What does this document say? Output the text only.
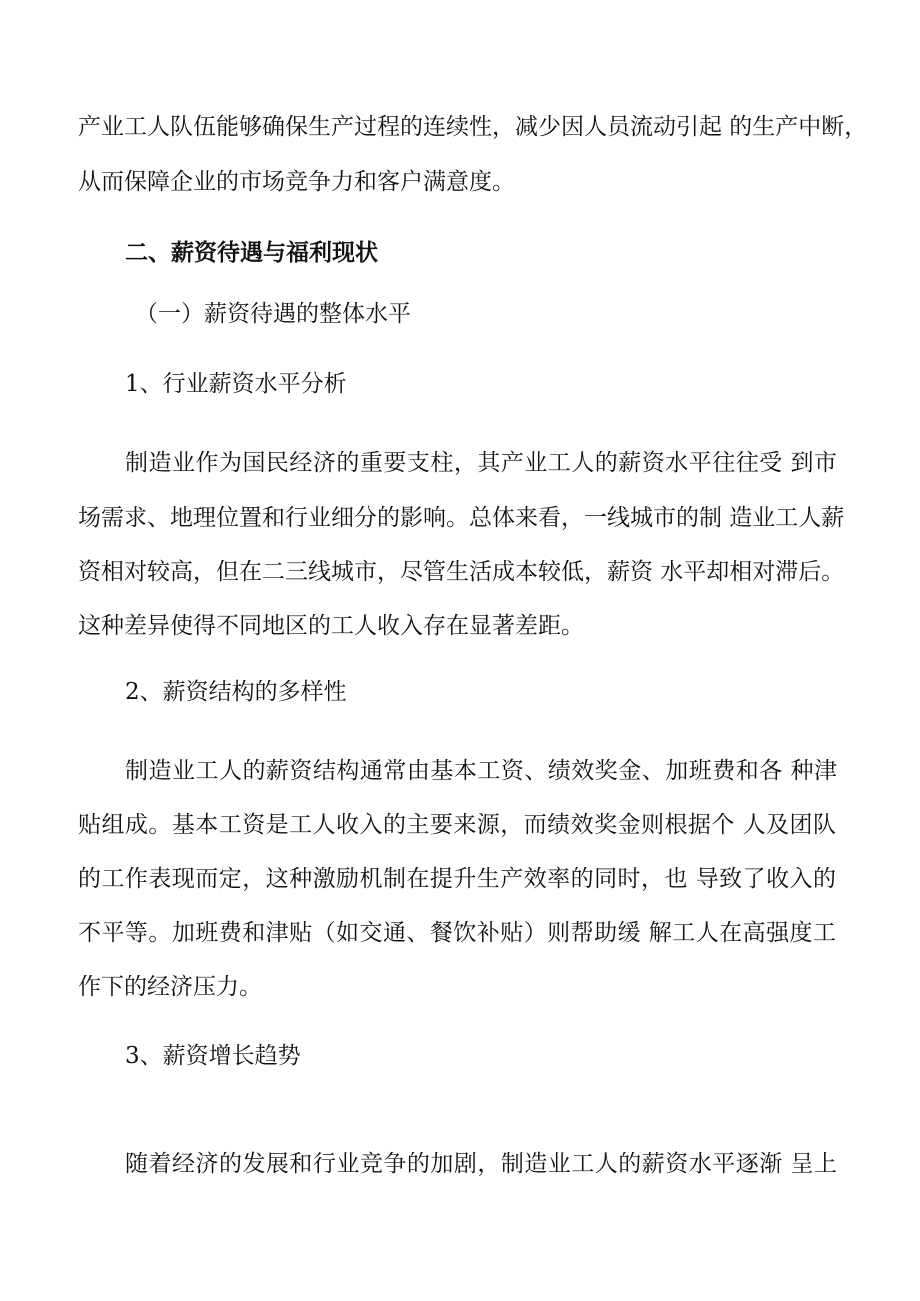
产业工人队伍能够确保生产过程的连续性，减少因人员流动引起 的生产中断，

从而保障企业的市场竞争力和客户满意度。

二、薪资待遇与福利现状

（一）薪资待遇的整体水平

1、行业薪资水平分析

制造业作为国民经济的重要支柱，其产业工人的薪资水平往往受 到市

场需求、地理位置和行业细分的影响。总体来看，一线城市的制 造业工人薪

资相对较高，但在二三线城市，尽管生活成本较低，薪资 水平却相对滞后。

这种差异使得不同地区的工人收入存在显著差距。

2、薪资结构的多样性

制造业工人的薪资结构通常由基本工资、绩效奖金、加班费和各 种津

贴组成。基本工资是工人收入的主要来源，而绩效奖金则根据个 人及团队

的工作表现而定，这种激励机制在提升生产效率的同时，也 导致了收入的

不平等。加班费和津贴（如交通、餐饮补贴）则帮助缓 解工人在高强度工

作下的经济压力。

3、薪资增长趋势

随着经济的发展和行业竞争的加剧，制造业工人的薪资水平逐渐 呈上
